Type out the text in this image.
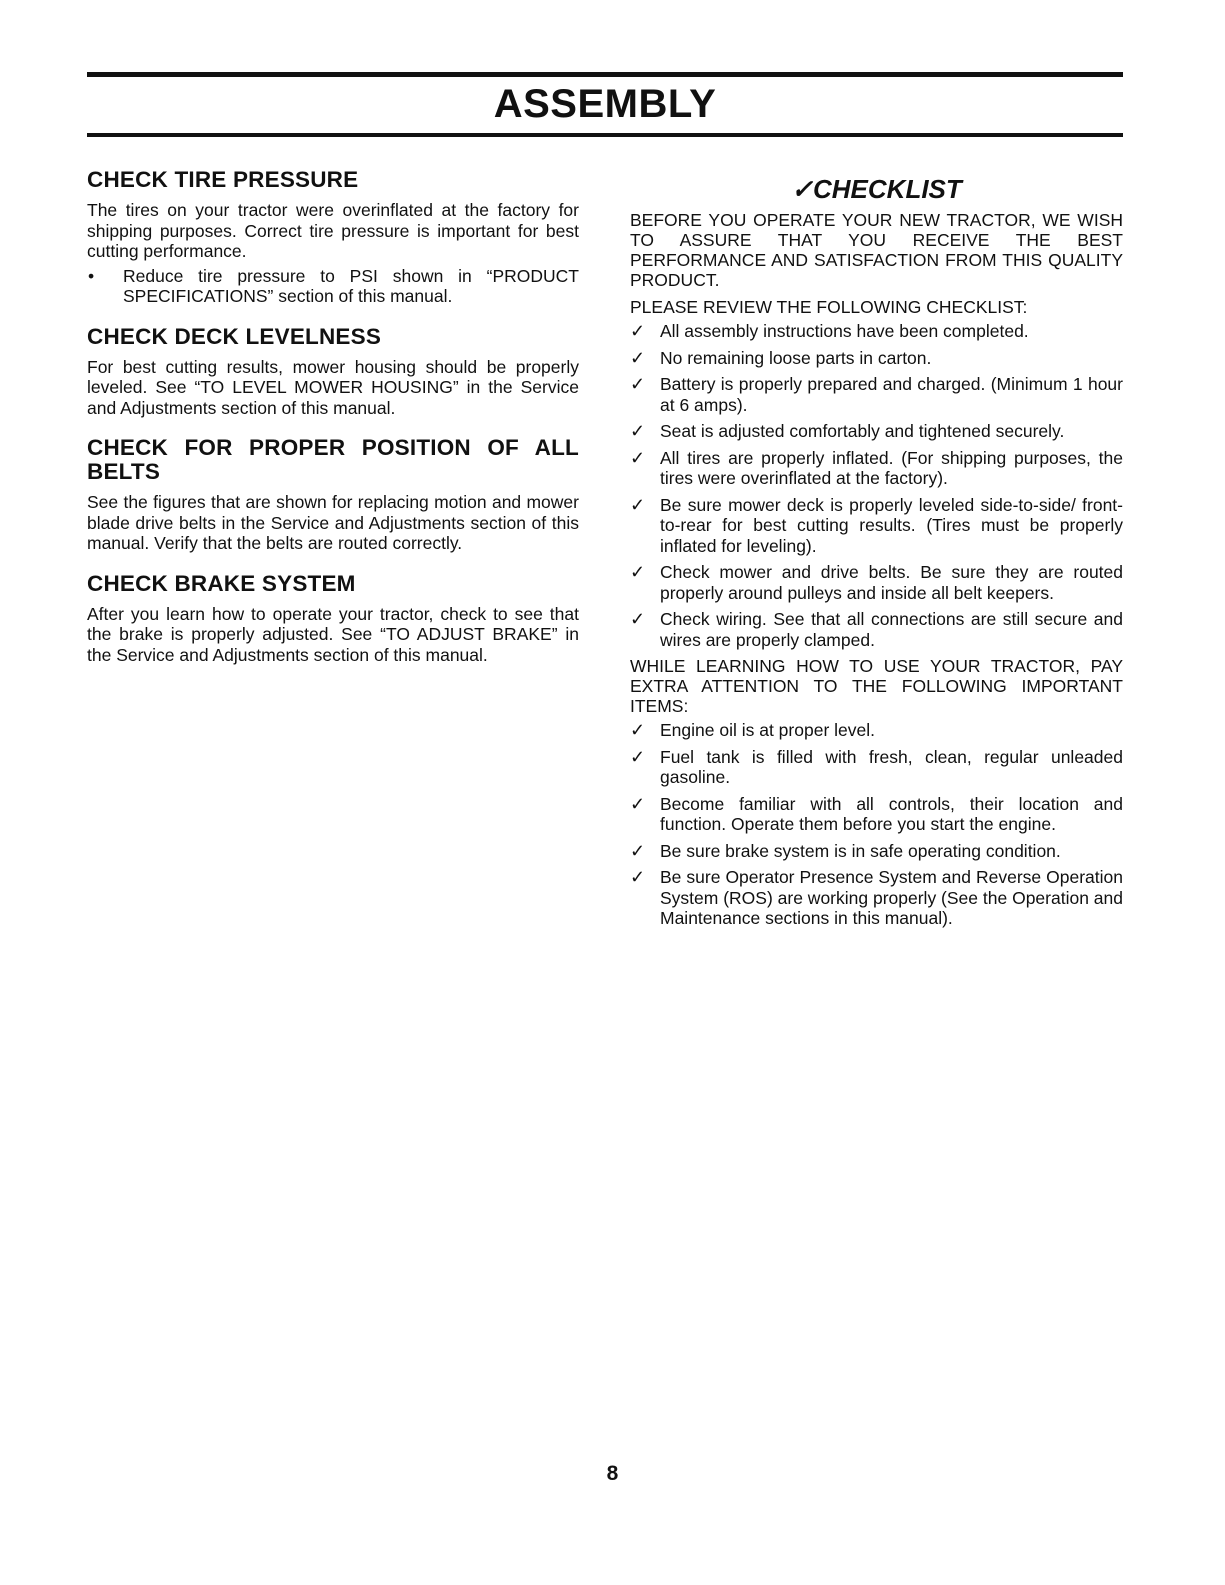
ASSEMBLY
CHECK TIRE PRESSURE

The tires on your tractor were overinflated at the factory for shipping purposes. Correct tire pressure is important for best cutting performance.

•	Reduce tire pressure to PSI shown in “PRODUCT SPECIFICATIONS” section of this manual.
CHECK DECK LEVELNESS

For best cutting results, mower housing should be properly leveled. See “TO LEVEL MOWER HOUSING” in the Service and Adjustments section of this manual.

CHECK FOR PROPER POSITION OF ALL BELTS

See the figures that are shown for replacing motion and mower blade drive belts in the Service and Adjustments section of this manual. Verify that the belts are routed correctly.

CHECK BRAKE SYSTEM

After you learn how to operate your tractor, check to see that the brake is properly adjusted. See “TO ADJUST BRAKE” in the Service and Adjustments section of this manual.

✓CHECKLIST

BEFORE YOU OPERATE YOUR NEW TRACTOR, WE WISH TO ASSURE THAT YOU RECEIVE THE BEST PERFORMANCE AND SATISFACTION FROM THIS QUALITY PRODUCT.

PLEASE REVIEW THE FOLLOWING CHECKLIST:

✓ All assembly instructions have been completed.
✓ No remaining loose parts in carton.
✓ Battery is properly prepared and charged. (Minimum 1 hour at 6 amps).
✓ Seat is adjusted comfortably and tightened securely.
✓ All tires are properly inflated. (For shipping purposes, the tires were overinflated at the factory).
✓ Be sure mower deck is properly leveled side-to-side/ front-to-rear for best cutting results. (Tires must be properly inflated for leveling).
✓ Check mower and drive belts. Be sure they are routed properly around pulleys and inside all belt keepers.
✓ Check wiring. See that all connections are still secure and wires are properly clamped.

WHILE LEARNING HOW TO USE YOUR TRACTOR, PAY EXTRA ATTENTION TO THE FOLLOWING IMPORTANT ITEMS:

✓ Engine oil is at proper level.
✓ Fuel tank is filled with fresh, clean, regular unleaded gasoline.
✓ Become familiar with all controls, their location and function. Operate them before you start the engine.
✓ Be sure brake system is in safe operating condition.
✓ Be sure Operator Presence System and Reverse Operation System (ROS) are working properly (See the Operation and Maintenance sections in this manual).
8
